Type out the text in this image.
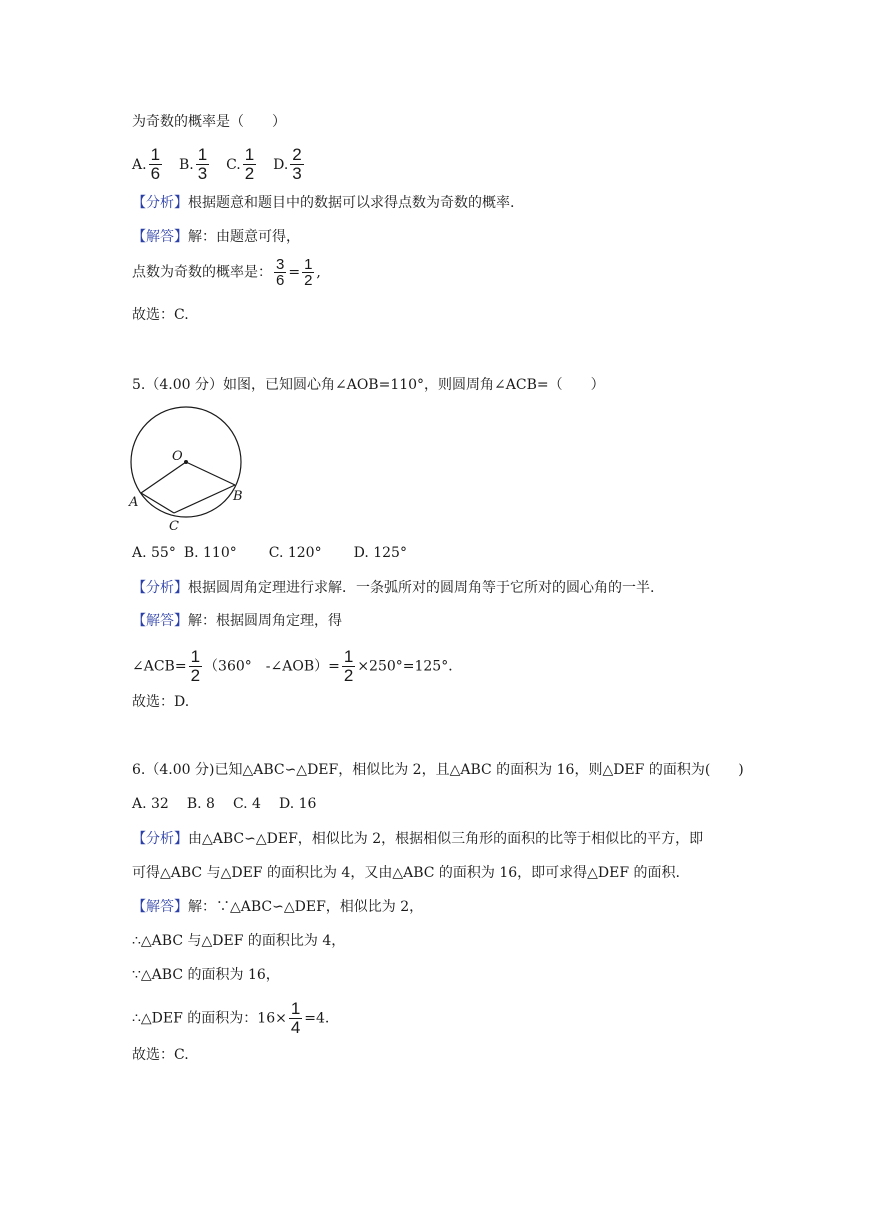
为奇数的概率是（　　）
A. $\frac{1}{6} B$. $\frac{1}{3} C$. $\frac{1}{2} D$. $\frac{2}{3}$
【分析】根据题意和题目中的数据可以求得点数为奇数的概率.
【解答】解：由题意可得，
点数为奇数的概率是： $\frac{3}{6} = \frac{1}{2}$ ,
故选：C.
5.（4.00 分）如图，已知圆心角∠AOB=110°，则圆周角∠ACB=（　　）
O
A	B
C
A. 55° B. 110° C. 120° D. 125°
【分析】根据圆周角定理进行求解．一条弧所对的圆周角等于它所对的圆心角的一半.
【解答】解：根据圆周角定理，得
∠ACB= $\frac{1}{2} (360^\circ$　-∠AOB）= $\frac{1}{2} \times 250^\circ=125^\circ$．
故选：D.
6.（4.00 分)已知△ABC∽△DEF，相似比为 2，且△ABC 的面积为 16，则△DEF 的面积为(　　)
A. 32 B. 8 C. 4 D. 16
【分析】由△ABC∽△DEF，相似比为 2，根据相似三角形的面积的比等于相似比的平方，即
可得△ABC 与△DEF 的面积比为 4，又由△ABC 的面积为 16，即可求得△DEF 的面积.
【解答】解：∵△ABC∽△DEF，相似比为 2，
∴△ABC 与△DEF 的面积比为 4，
∵△ABC 的面积为 16，
∴△DEF 的面积为：$16\times \frac{1}{4} =4$.
故选：C.
